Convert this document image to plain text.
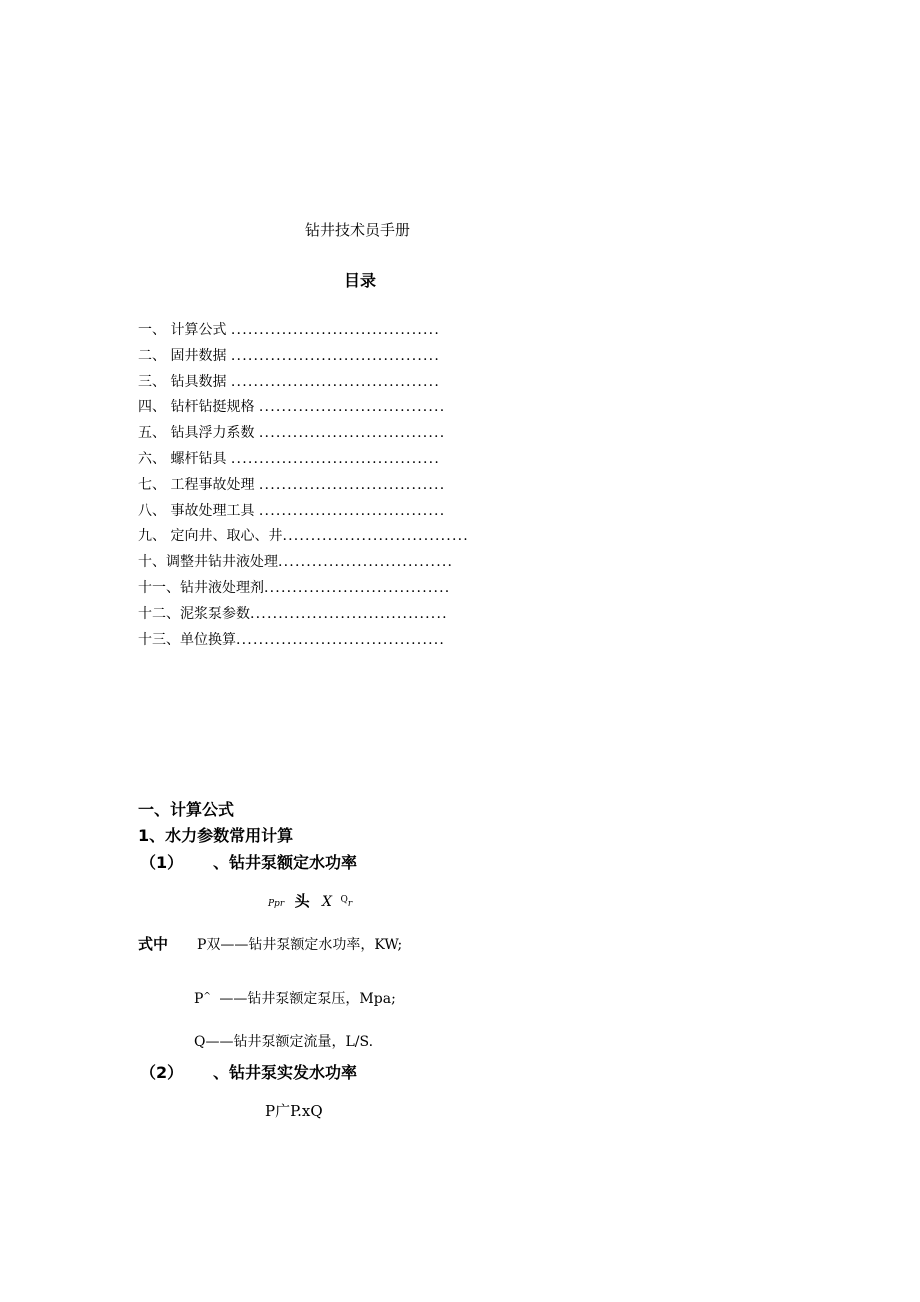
钻井技术员手册
目录
一、 计算公式 .....................................
二、 固井数据 .....................................
三、 钻具数据 .....................................
四、 钻杆钻挺规格 .................................
五、 钻具浮力系数 .................................
六、 螺杆钻具 .....................................
七、 工程事故处理 .................................
八、 事故处理工具 .................................
九、 定向井、取心、井.................................
十、调整井钻井液处理...............................
十一、钻井液处理剂.................................
十二、泥浆泵参数...................................
十三、单位换算.....................................
一、计算公式
1、水力参数常用计算
（1） 、钻井泵额定水功率
Ppr 头 X $^Q$r
式中 P双——钻井泵额定水功率，KW;
P^ ——钻井泵额定泵压，Mpa;
Q——钻井泵额定流量，L/S.
（2） 、钻井泵实发水功率
P广P.xQ
